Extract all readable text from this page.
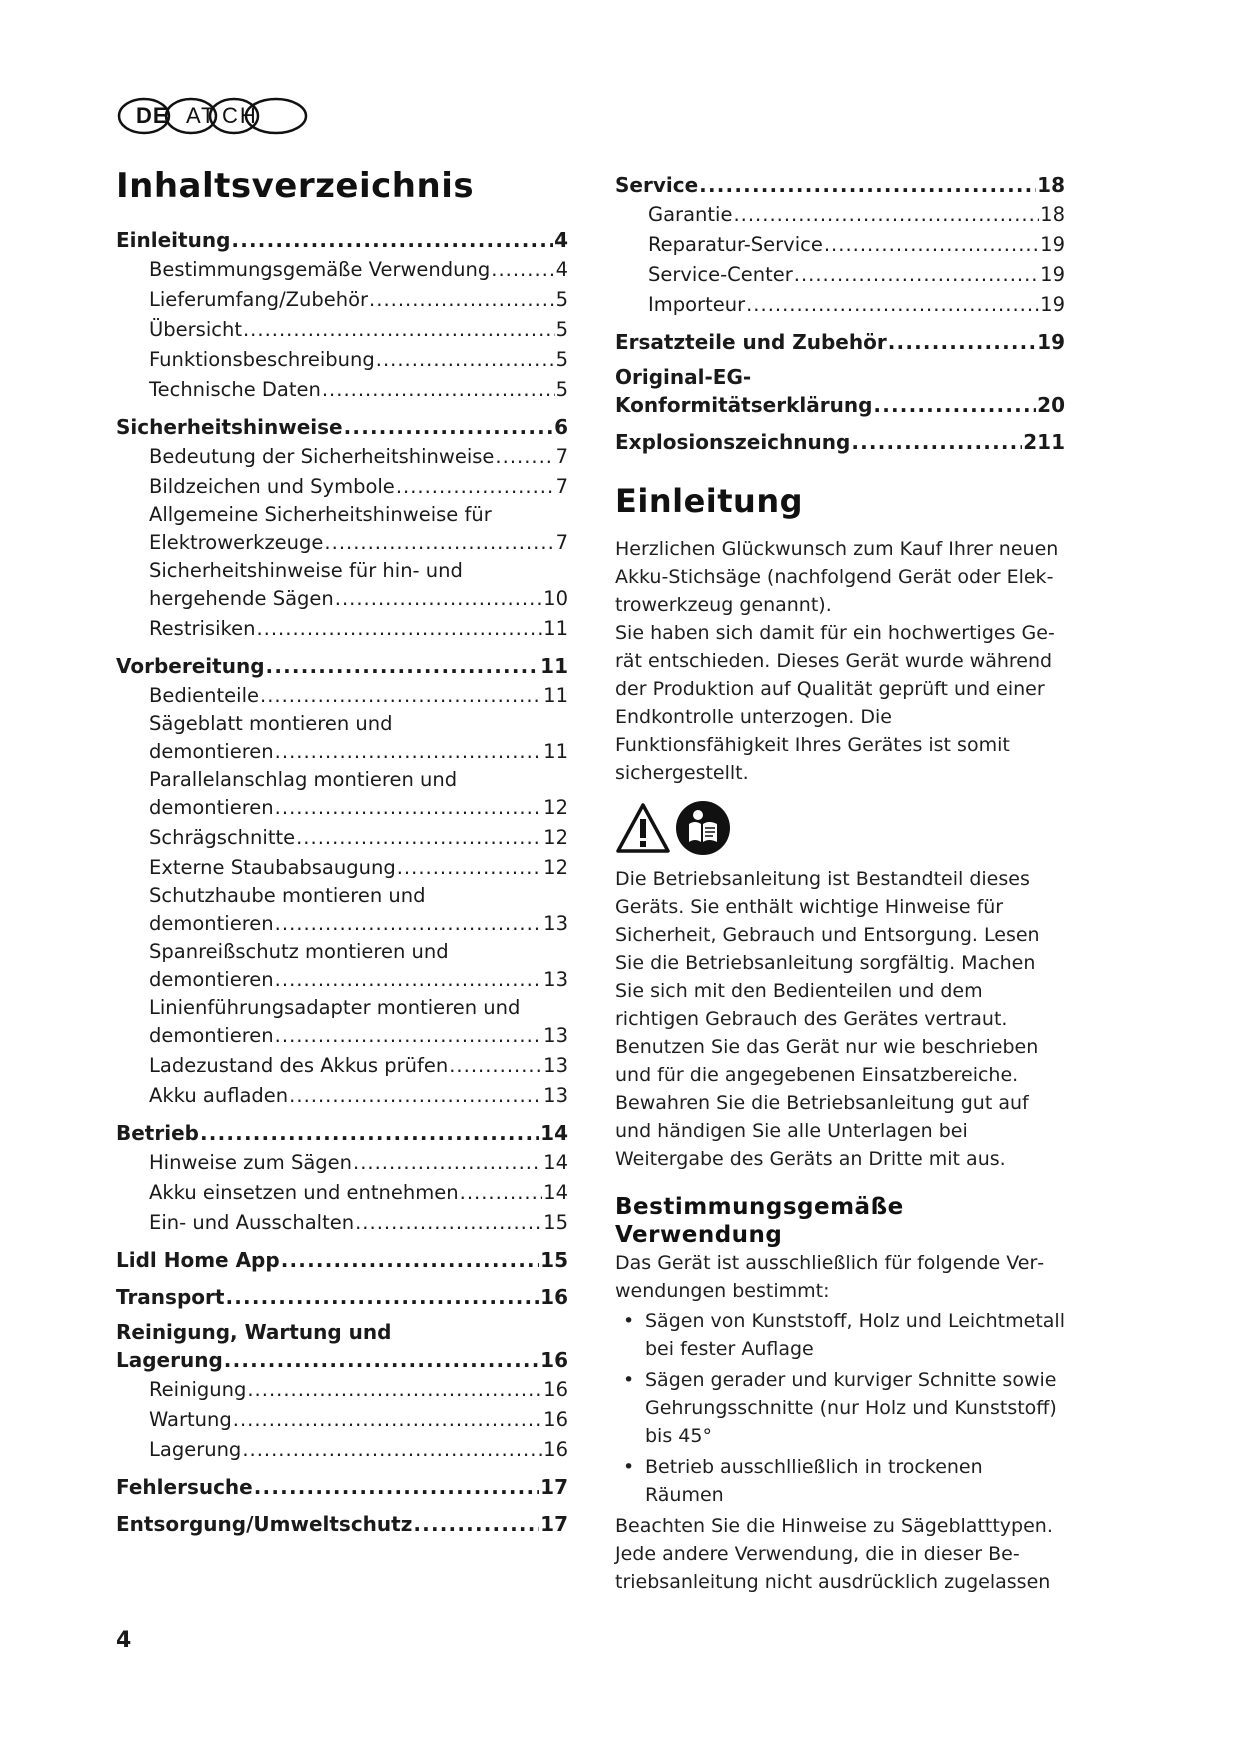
DE AT CH
Inhaltsverzeichnis
Einleitung .....	4
Bestimmungsgemäße Verwendung .....	4
Lieferumfang/Zubehör .....	5
Übersicht .....	5
Funktionsbeschreibung .....	5
Technische Daten .....	5
Sicherheitshinweise .....	6
Bedeutung der Sicherheitshinweise .....	7
Bildzeichen und Symbole .....	7
Allgemeine Sicherheitshinweise für
Elektrowerkzeuge .....	7
Sicherheitshinweise für hin- und
hergehende Sägen .....	10
Restrisiken .....	11
Vorbereitung .....	11
Bedienteile .....	11
Sägeblatt montieren und
demontieren .....	11
Parallelanschlag montieren und
demontieren .....	12
Schrägschnitte .....	12
Externe Staubabsaugung .....	12
Schutzhaube montieren und
demontieren .....	13
Spanreißschutz montieren und
demontieren .....	13
Linienführungsadapter montieren und
demontieren .....	13
Ladezustand des Akkus prüfen .....	13
Akku aufladen .....	13
Betrieb .....	14
Hinweise zum Sägen .....	14
Akku einsetzen und entnehmen .....	14
Ein- und Ausschalten .....	15
Lidl Home App .....	15
Transport .....	16
Reinigung, Wartung und
Lagerung .....	16
Reinigung .....	16
Wartung .....	16
Lagerung .....	16
Fehlersuche .....	17
Entsorgung/Umweltschutz .....	17
Service .....	18
Garantie .....	18
Reparatur-Service .....	19
Service-Center .....	19
Importeur .....	19
Ersatzteile und Zubehör .....	19
Original-EG-
Konformitätserklärung .....	20
Explosionszeichnung .....	211
Einleitung

Herzlichen Glückwunsch zum Kauf Ihrer neuen Akku-Stichsäge (nachfolgend Gerät oder Elektrowerkzeug genannt).

Sie haben sich damit für ein hochwertiges Gerät entschieden. Dieses Gerät wurde während der Produktion auf Qualität geprüft und einer Endkontrolle unterzogen. Die Funktionsfähigkeit Ihres Gerätes ist somit sichergestellt.

Die Betriebsanleitung ist Bestandteil dieses Geräts. Sie enthält wichtige Hinweise für Sicherheit, Gebrauch und Entsorgung. Lesen Sie die Betriebsanleitung sorgfältig. Machen Sie sich mit den Bedienteilen und dem richtigen Gebrauch des Gerätes vertraut. Benutzen Sie das Gerät nur wie beschrieben und für die angegebenen Einsatzbereiche. Bewahren Sie die Betriebsanleitung gut auf und händigen Sie alle Unterlagen bei Weitergabe des Geräts an Dritte mit aus.

Bestimmungsgemäße Verwendung

Das Gerät ist ausschließlich für folgende Verwendungen bestimmt:

• Sägen von Kunststoff, Holz und Leichtmetall bei fester Auflage
• Sägen gerader und kurviger Schnitte sowie Gehrungsschnitte (nur Holz und Kunststoff) bis 45°
• Betrieb ausschlließlich in trockenen Räumen

Beachten Sie die Hinweise zu Sägeblatttypen.

Jede andere Verwendung, die in dieser Betriebsanleitung nicht ausdrücklich zugelassen

4
